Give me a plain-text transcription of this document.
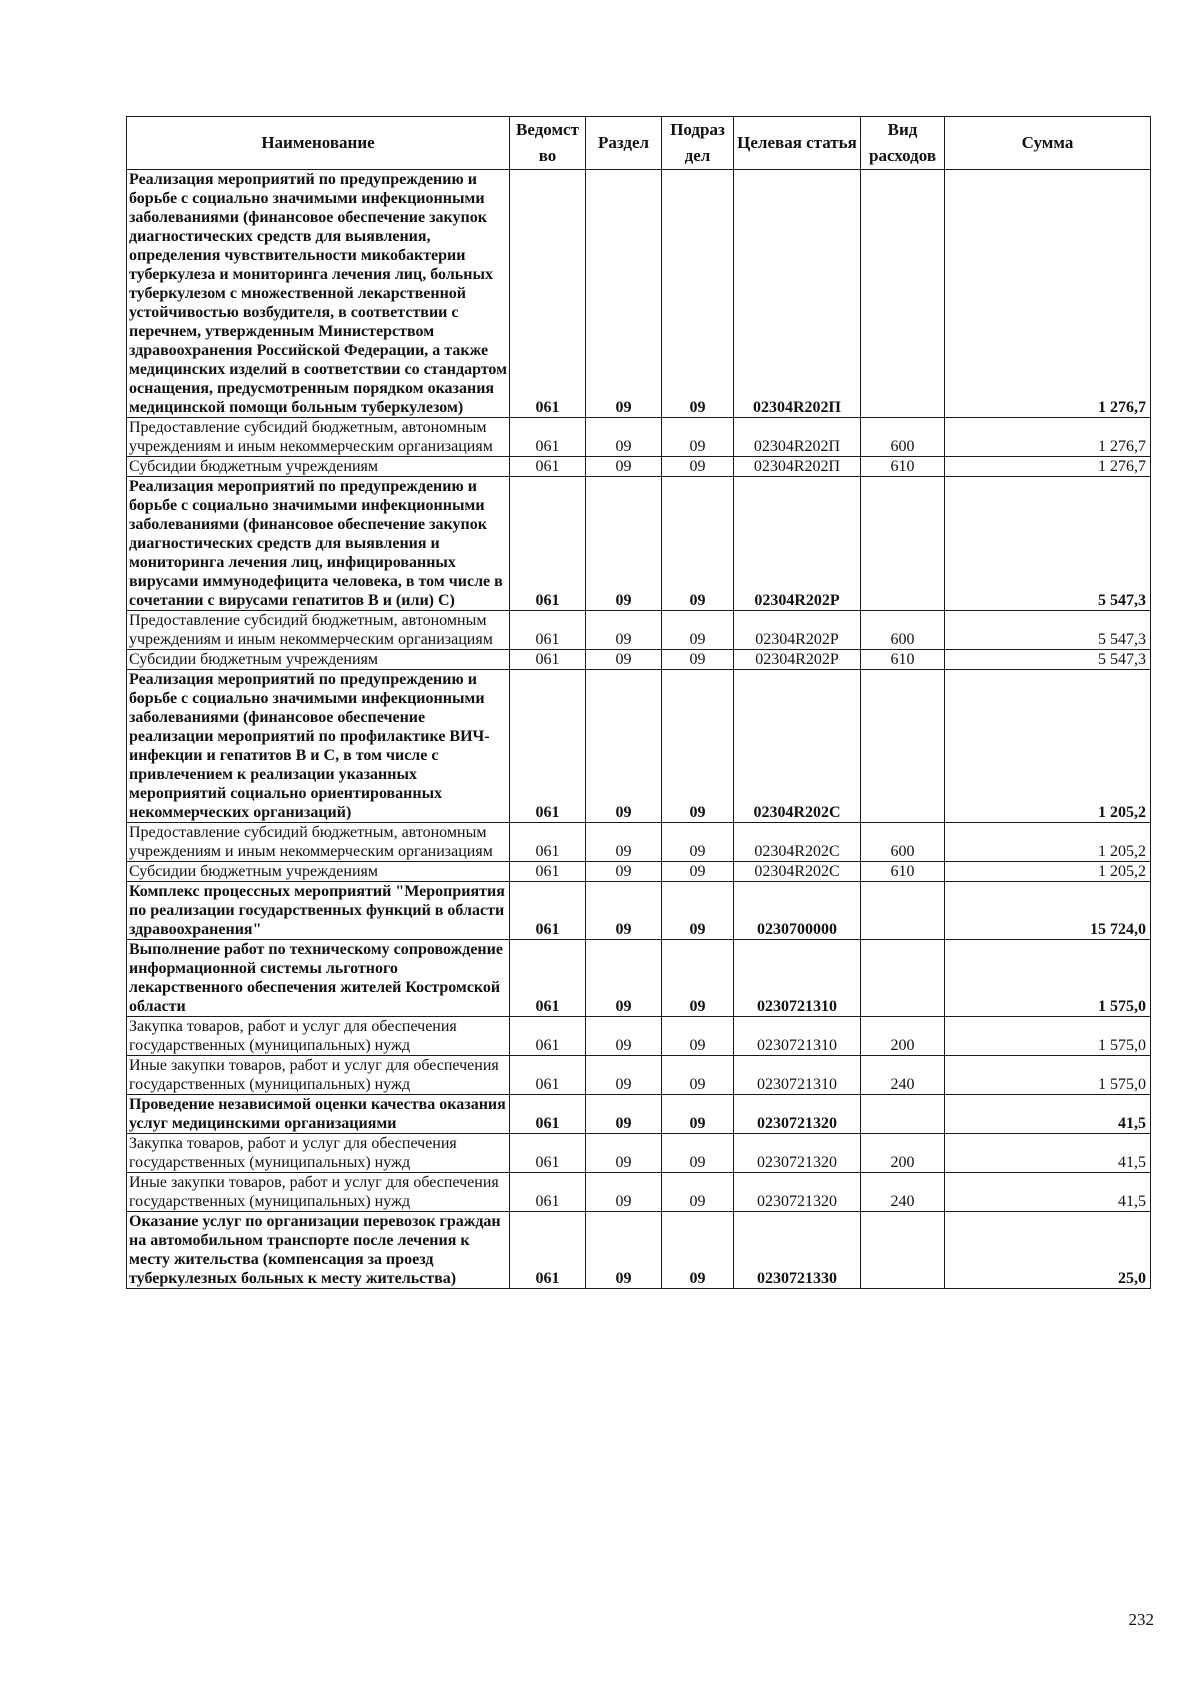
Наименование	Ведомст во	Раздел	Подраз дел	Целевая статья	Вид расходов	Сумма
Реализация мероприятий по предупреждению и борьбе с социально значимыми инфекционными заболеваниями (финансовое обеспечение закупок диагностических средств для выявления, определения чувствительности микобактерии туберкулеза и мониторинга лечения лиц, больных туберкулезом с множественной лекарственной устойчивостью возбудителя, в соответствии с перечнем, утвержденным Министерством здравоохранения Российской Федерации, а также медицинских изделий в соответствии со стандартом оснащения, предусмотренным порядком оказания медицинской помощи больным туберкулезом)	061	09	09	02304R202П		1 276,7
Предоставление субсидий бюджетным, автономным учреждениям и иным некоммерческим организациям	061	09	09	02304R202П	600	1 276,7
Субсидии бюджетным учреждениям	061	09	09	02304R202П	610	1 276,7
Реализация мероприятий по предупреждению и борьбе с социально значимыми инфекционными заболеваниями (финансовое обеспечение закупок диагностических средств для выявления и мониторинга лечения лиц, инфицированных вирусами иммунодефицита человека, в том числе в сочетании с вирусами гепатитов B и (или) C)	061	09	09	02304R202P		5 547,3
Предоставление субсидий бюджетным, автономным учреждениям и иным некоммерческим организациям	061	09	09	02304R202P	600	5 547,3
Субсидии бюджетным учреждениям	061	09	09	02304R202P	610	5 547,3
Реализация мероприятий по предупреждению и борьбе с социально значимыми инфекционными заболеваниями (финансовое обеспечение реализации мероприятий по профилактике ВИЧ-инфекции и гепатитов B и C, в том числе с привлечением к реализации указанных мероприятий социально ориентированных некоммерческих организаций)	061	09	09	02304R202C		1 205,2
Предоставление субсидий бюджетным, автономным учреждениям и иным некоммерческим организациям	061	09	09	02304R202C	600	1 205,2
Субсидии бюджетным учреждениям	061	09	09	02304R202C	610	1 205,2
Комплекс процессных мероприятий "Мероприятия по реализации государственных функций в области здравоохранения"	061	09	09	0230700000		15 724,0
Выполнение работ по техническому сопровождение информационной системы льготного лекарственного обеспечения жителей Костромской области	061	09	09	0230721310		1 575,0
Закупка товаров, работ и услуг для обеспечения государственных (муниципальных) нужд	061	09	09	0230721310	200	1 575,0
Иные закупки товаров, работ и услуг для обеспечения государственных (муниципальных) нужд	061	09	09	0230721310	240	1 575,0
Проведение независимой оценки качества оказания услуг медицинскими организациями	061	09	09	0230721320		41,5
Закупка товаров, работ и услуг для обеспечения государственных (муниципальных) нужд	061	09	09	0230721320	200	41,5
Иные закупки товаров, работ и услуг для обеспечения государственных (муниципальных) нужд	061	09	09	0230721320	240	41,5
Оказание услуг по организации перевозок граждан на автомобильном транспорте после лечения к месту жительства (компенсация за проезд туберкулезных больных к месту жительства)	061	09	09	0230721330		25,0
232
